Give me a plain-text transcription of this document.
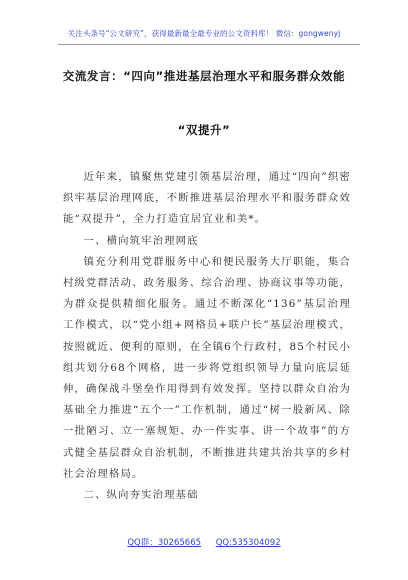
关注头条号“公文研究”，获得最新最全最专业的公文资料库！ 微信：gongwenyj
交流发言：“四向”推进基层治理水平和服务群众效能
“双提升”

近年来，镇聚焦党建引领基层治理，通过“四向”织密织牢基层治理网底，不断推进基层治理水平和服务群众效能“双提升”，全力打造宜居宜业和美*。

一、横向筑牢治理网底

镇充分利用党群服务中心和便民服务大厅职能，集合村级党群活动、政务服务、综合治理、协商议事等功能，为群众提供精细化服务。通过不断深化“136”基层治理工作模式，以“党小组+网格员+联户长”基层治理模式，按照就近、便利的原则，在全镇6个行政村，85个村民小组共划分68个网格，进一步将党组织领导力量向底层延伸，确保战斗堡垒作用得到有效发挥。坚持以群众自治为基础全力推进“五个一”工作机制，通过“树一股新风、除一批陋习、立一塞规矩、办一件实事、讲一个故事”的方式健全基层群众自治机制，不断推进共建共治共享的乡村社会治理格局。

二、纵向夯实治理基础

QQ群：30265665 QQ:535304092
